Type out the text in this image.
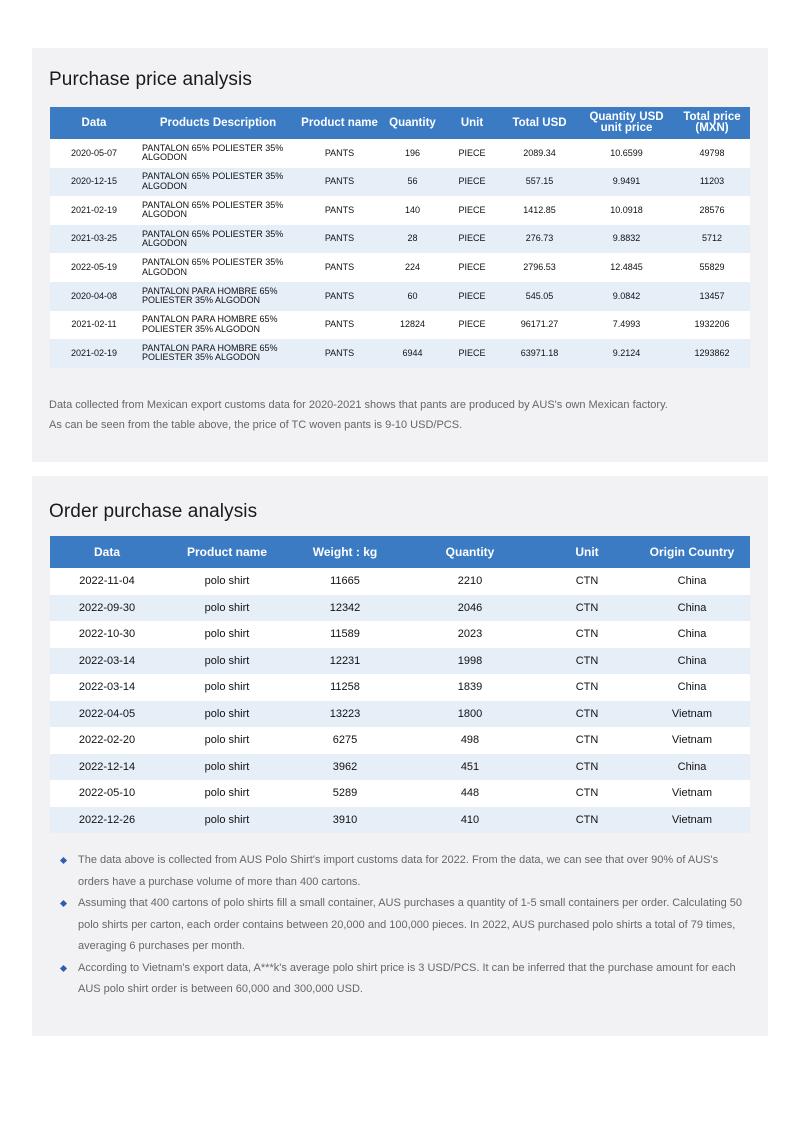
Purchase price analysis
Data	Products Description	Product name	Quantity	Unit	Total USD	Quantity USD unit price	Total price (MXN)
2020-05-07	PANTALON 65% POLIESTER 35% ALGODON	PANTS	196	PIECE	2089.34	10.6599	49798
2020-12-15	PANTALON 65% POLIESTER 35% ALGODON	PANTS	56	PIECE	557.15	9.9491	11203
2021-02-19	PANTALON 65% POLIESTER 35% ALGODON	PANTS	140	PIECE	1412.85	10.0918	28576
2021-03-25	PANTALON 65% POLIESTER 35% ALGODON	PANTS	28	PIECE	276.73	9.8832	5712
2022-05-19	PANTALON 65% POLIESTER 35% ALGODON	PANTS	224	PIECE	2796.53	12.4845	55829
2020-04-08	PANTALON PARA HOMBRE 65% POLIESTER 35% ALGODON	PANTS	60	PIECE	545.05	9.0842	13457
2021-02-11	PANTALON PARA HOMBRE 65% POLIESTER 35% ALGODON	PANTS	12824	PIECE	96171.27	7.4993	1932206
2021-02-19	PANTALON PARA HOMBRE 65% POLIESTER 35% ALGODON	PANTS	6944	PIECE	63971.18	9.2124	1293862

Data collected from Mexican export customs data for 2020-2021 shows that pants are produced by AUS's own Mexican factory.

As can be seen from the table above, the price of TC woven pants is 9-10 USD/PCS.

Order purchase analysis
Data	Product name	Weight : kg	Quantity	Unit	Origin Country
2022-11-04	polo shirt	11665	2210	CTN	China
2022-09-30	polo shirt	12342	2046	CTN	China
2022-10-30	polo shirt	11589	2023	CTN	China
2022-03-14	polo shirt	12231	1998	CTN	China
2022-03-14	polo shirt	11258	1839	CTN	China
2022-04-05	polo shirt	13223	1800	CTN	Vietnam
2022-02-20	polo shirt	6275	498	CTN	Vietnam
2022-12-14	polo shirt	3962	451	CTN	China
2022-05-10	polo shirt	5289	448	CTN	Vietnam
2022-12-26	polo shirt	3910	410	CTN	Vietnam
The data above is collected from AUS Polo Shirt's import customs data for 2022. From the data, we can see that over 90% of AUS's orders have a purchase volume of more than 400 cartons.
Assuming that 400 cartons of polo shirts fill a small container, AUS purchases a quantity of 1-5 small containers per order. Calculating 50 polo shirts per carton, each order contains between 20,000 and 100,000 pieces. In 2022, AUS purchased polo shirts a total of 79 times, averaging 6 purchases per month.
According to Vietnam's export data, A***k's average polo shirt price is 3 USD/PCS. It can be inferred that the purchase amount for each AUS polo shirt order is between 60,000 and 300,000 USD.
